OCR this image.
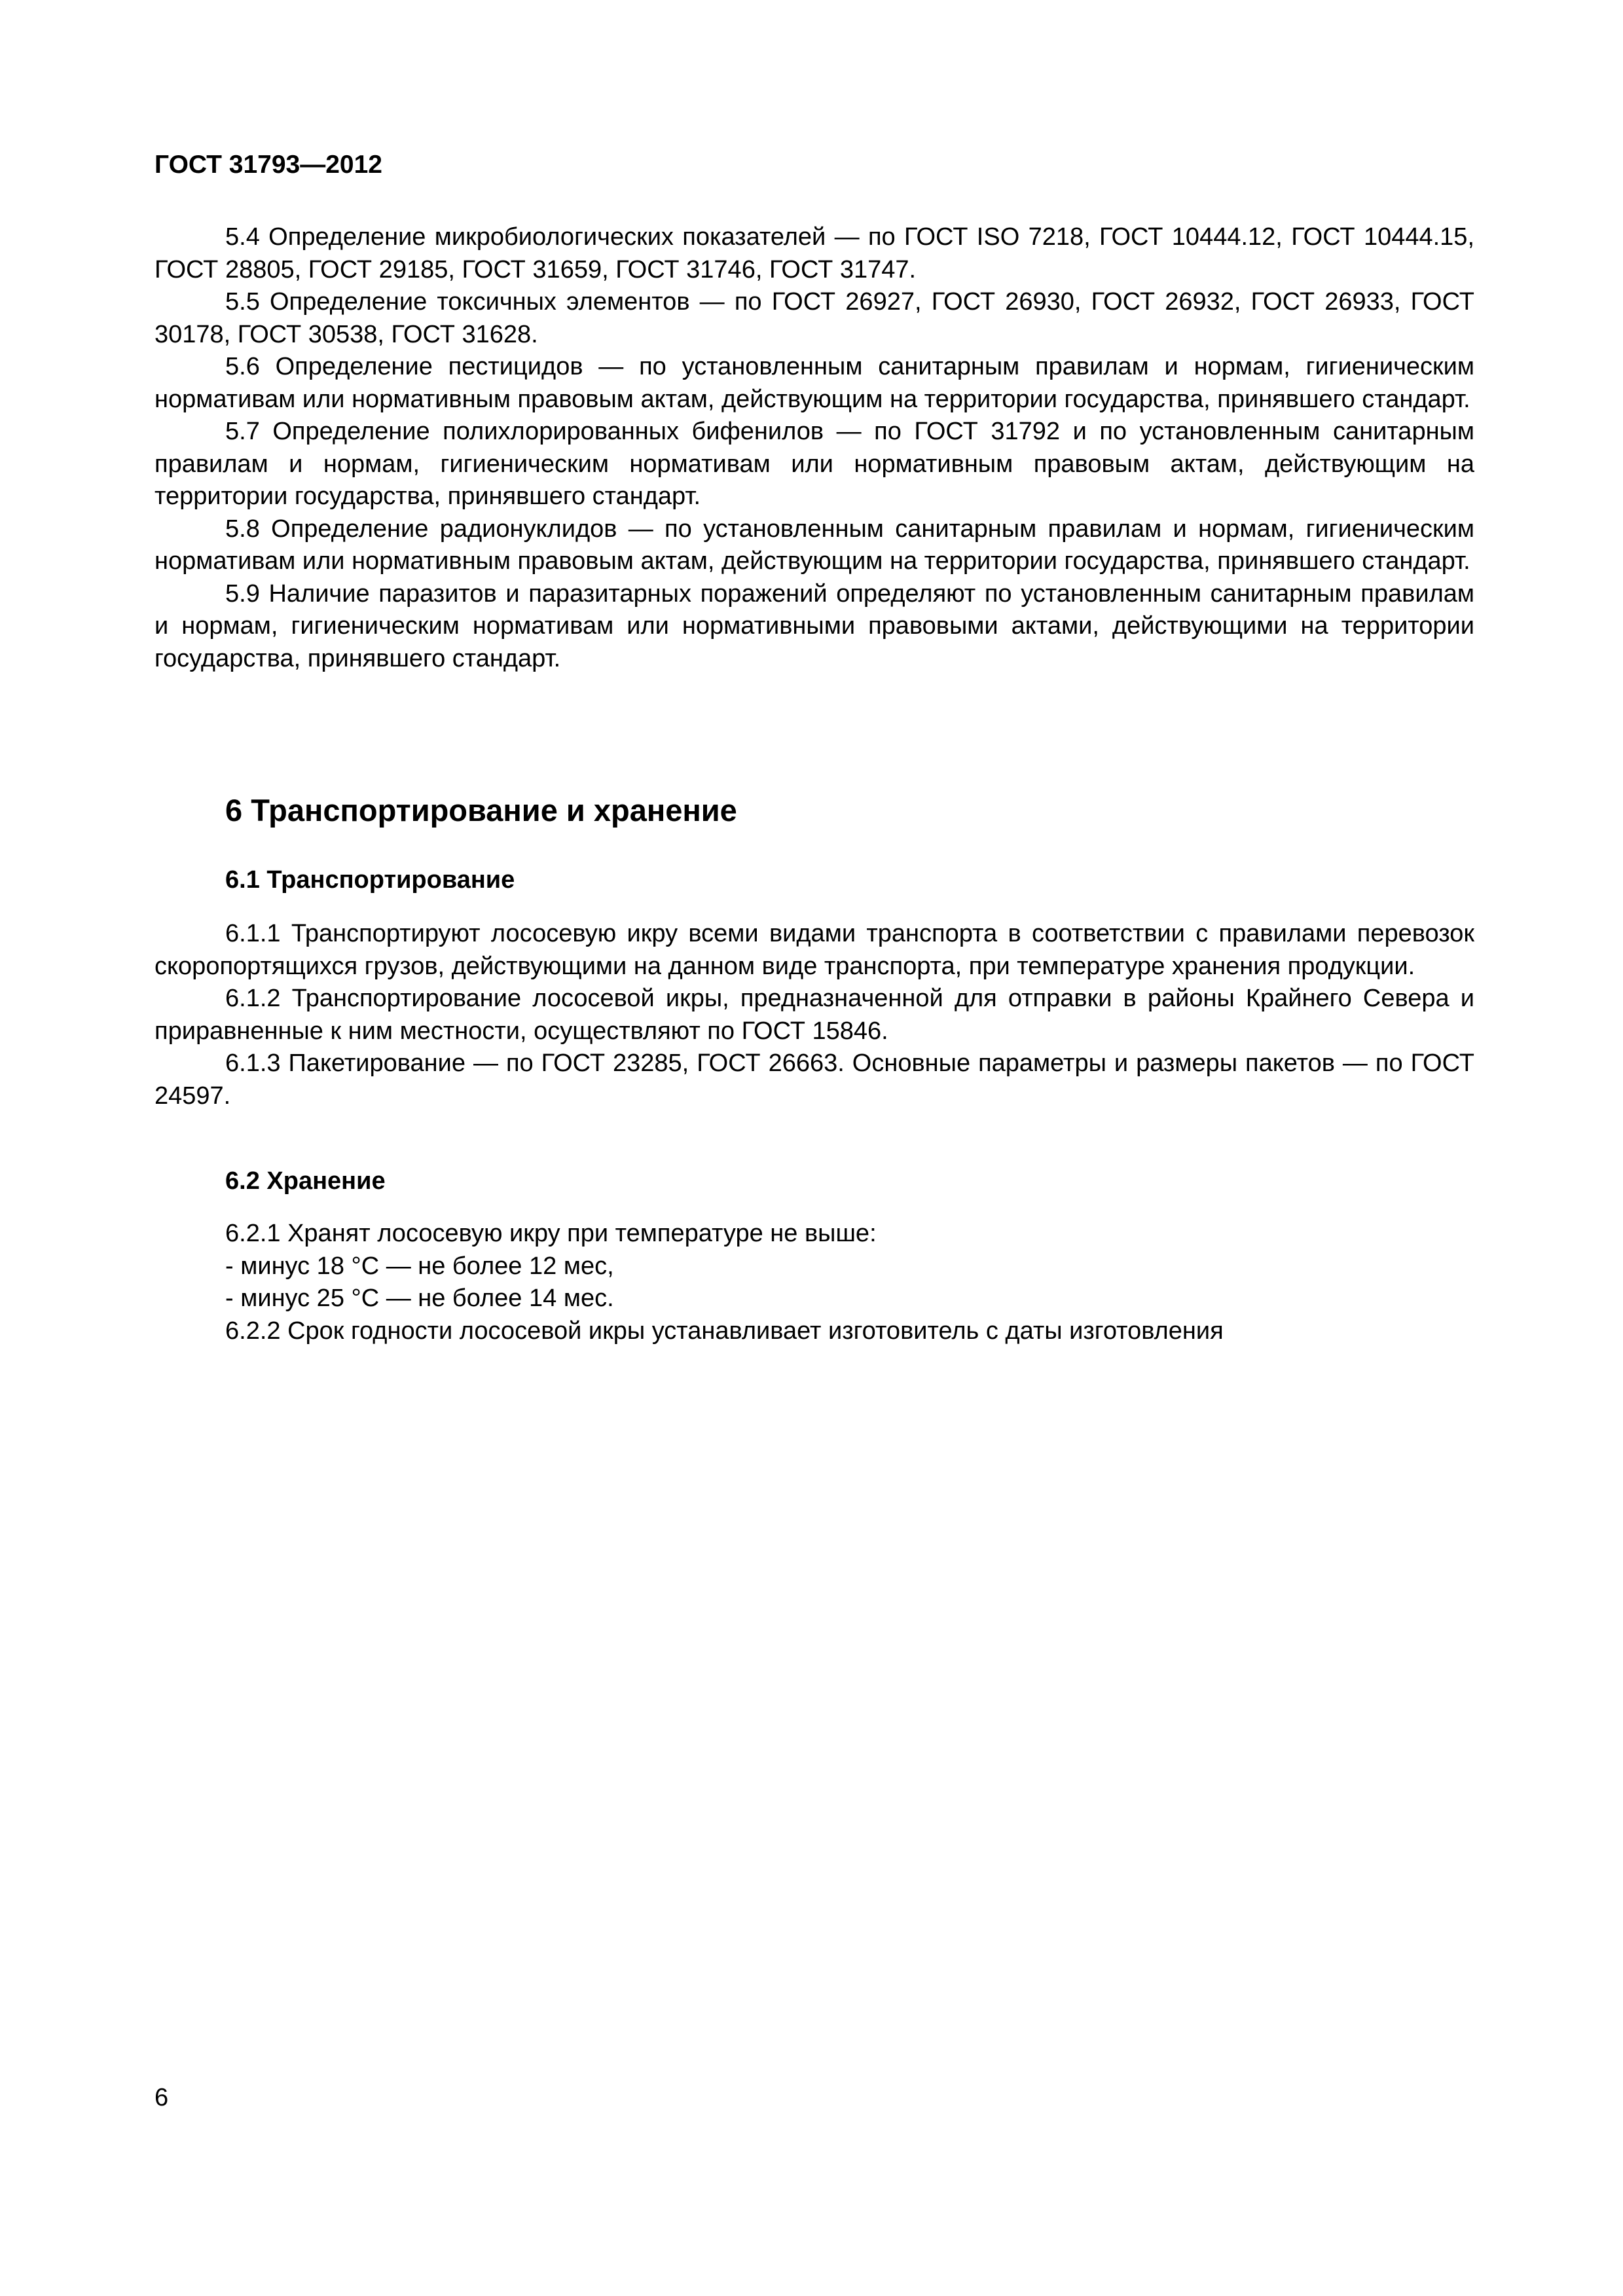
ГОСТ 31793—2012

5.4 Определение микробиологических показателей — по ГОСТ ISO 7218, ГОСТ 10444.12, ГОСТ 10444.15, ГОСТ 28805, ГОСТ 29185, ГОСТ 31659, ГОСТ 31746, ГОСТ 31747.

5.5 Определение токсичных элементов — по ГОСТ 26927, ГОСТ 26930, ГОСТ 26932, ГОСТ 26933, ГОСТ 30178, ГОСТ 30538, ГОСТ 31628.

5.6 Определение пестицидов — по установленным санитарным правилам и нормам, гигиеническим нормативам или нормативным правовым актам, действующим на территории государства, принявшего стандарт.

5.7 Определение полихлорированных бифенилов — по ГОСТ 31792 и по установленным санитарным правилам и нормам, гигиеническим нормативам или нормативным правовым актам, действующим на территории государства, принявшего стандарт.

5.8 Определение радионуклидов — по установленным санитарным правилам и нормам, гигиеническим нормативам или нормативным правовым актам, действующим на территории государства, принявшего стандарт.

5.9 Наличие паразитов и паразитарных поражений определяют по установленным санитарным правилам и нормам, гигиеническим нормативам или нормативными правовыми актами, действующими на территории государства, принявшего стандарт.

6 Транспортирование и хранение
6.1 Транспортирование

6.1.1 Транспортируют лососевую икру всеми видами транспорта в соответствии с правилами перевозок скоропортящихся грузов, действующими на данном виде транспорта, при температуре хранения продукции.

6.1.2 Транспортирование лососевой икры, предназначенной для отправки в районы Крайнего Севера и приравненные к ним местности, осуществляют по ГОСТ 15846.

6.1.3 Пакетирование — по ГОСТ 23285, ГОСТ 26663. Основные параметры и размеры пакетов — по ГОСТ 24597.

6.2 Хранение

6.2.1 Хранят лососевую икру при температуре не выше:

- минус 18 °С — не более 12 мес,

- минус 25 °С — не более 14 мес.

6.2.2 Срок годности лососевой икры устанавливает изготовитель с даты изготовления

6
